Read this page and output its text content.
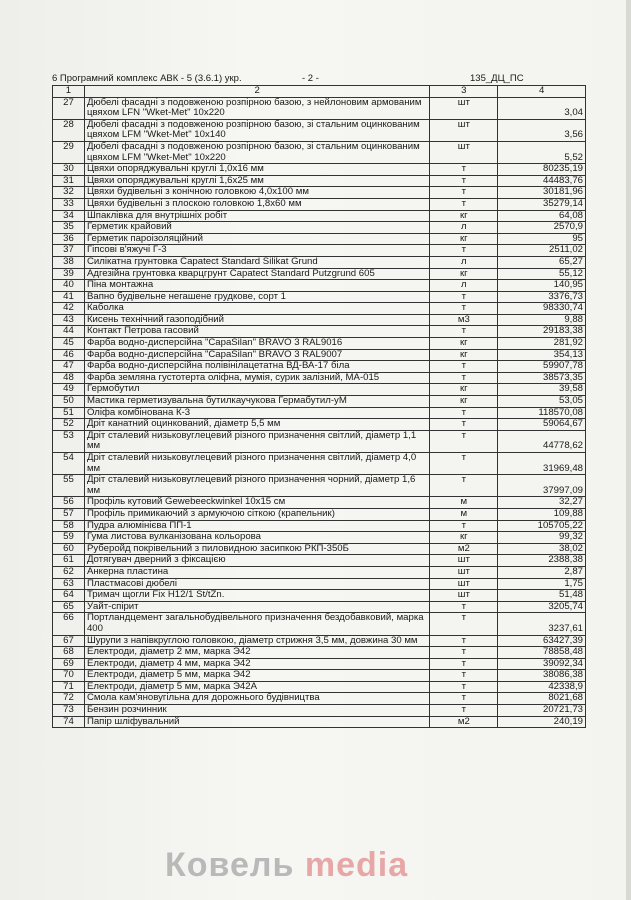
6 Програмний комплекс АВК - 5 (3.6.1) укр.	- 2 -	135_ДЦ_ПС
1	2	3	4
27	Дюбелі фасадні з подовженою розпірною базою, з нейлоновим армованим цвяхом LFN "Wket-Met" 10x220	шт	3,04
28	Дюбелі фасадні з подовженою розпірною базою, зі стальним оцинкованим цвяхом LFM "Wket-Met" 10x140	шт	3,56
29	Дюбелі фасадні з подовженою розпірною базою, зі стальним оцинкованим цвяхом LFM "Wket-Met" 10x220	шт	5,52
30	Цвяхи опоряджувальні круглі 1,0x16 мм	т	80235,19
31	Цвяхи опоряджувальні круглі 1,6x25 мм	т	44483,76
32	Цвяхи будівельні з конічною головкою 4,0x100 мм	т	30181,96
33	Цвяхи будівельні з плоскою головкою 1,8x60 мм	т	35279,14
34	Шпаклівка для внутрішніх робіт	кг	64,08
35	Герметик крайовий	л	2570,9
36	Герметик пароізоляційний	кг	95
37	Гіпсові в'яжучі Г-3	т	2511,02
38	Силікатна грунтовка Capatect Standard Silikat Grund	л	65,27
39	Адгезійна грунтовка кварцгрунт Capatect Standard Putzgrund 605	кг	55,12
40	Піна монтажна	л	140,95
41	Вапно будівельне негашене грудкове, сорт 1	т	3376,73
42	Каболка	т	98330,74
43	Кисень технічний газоподібний	м3	9,88
44	Контакт Петрова гасовий	т	29183,38
45	Фарба водно-дисперсійна "CapaSilan" BRAVO 3 RAL9016	кг	281,92
46	Фарба водно-дисперсійна "CapaSilan" BRAVO 3 RAL9007	кг	354,13
47	Фарба водно-дисперсійна полівінілацетатна ВД-ВА-17 біла	т	59907,78
48	Фарба земляна густотерта оліфна, мумія, сурик залізний, МА-015	т	38573,35
49	Гермобутил	кг	39,58
50	Мастика герметизувальна бутилкаучукова Гермабутил-уМ	кг	53,05
51	Оліфа комбінована К-3	т	118570,08
52	Дріт канатний оцинкований, діаметр 5,5 мм	т	59064,67
53	Дріт сталевий низьковуглецевий різного призначення світлий, діаметр 1,1 мм	т	44778,62
54	Дріт сталевий низьковуглецевий різного призначення світлий, діаметр 4,0 мм	т	31969,48
55	Дріт сталевий низьковуглецевий різного призначення чорний, діаметр 1,6 мм	т	37997,09
56	Профіль кутовий Gewebeeckwinkel 10x15 см	м	32,27
57	Профіль примикаючий з армуючою сіткою (крапельник)	м	109,88
58	Пудра алюмінієва ПП-1	т	105705,22
59	Гума листова вулканізована кольорова	кг	99,32
60	Руберойд покрівельний з пиловидною засипкою РКП-350Б	м2	38,02
61	Дотягувач дверний з фіксацією	шт	2388,38
62	Анкерна пластина	шт	2,87
63	Пластмасові дюбелі	шт	1,75
64	Тримач щогли Fix H12/1 St/tZn.	шт	51,48
65	Уайт-спірит	т	3205,74
66	Портландцемент загальнобудівельного призначення бездобавковий, марка 400	т	3237,61
67	Шурупи з напівкруглою головкою, діаметр стрижня 3,5 мм, довжина 30 мм	т	63427,39
68	Електроди, діаметр 2 мм, марка Э42	т	78858,48
69	Електроди, діаметр 4 мм, марка Э42	т	39092,34
70	Електроди, діаметр 5 мм, марка Э42	т	38086,38
71	Електроди, діаметр 5 мм, марка Э42А	т	42338,9
72	Смола кам'яновугільна для дорожнього будівництва	т	8021,68
73	Бензин розчинник	т	20721,73
74	Папір шліфувальний	м2	240,19
Ковель media
